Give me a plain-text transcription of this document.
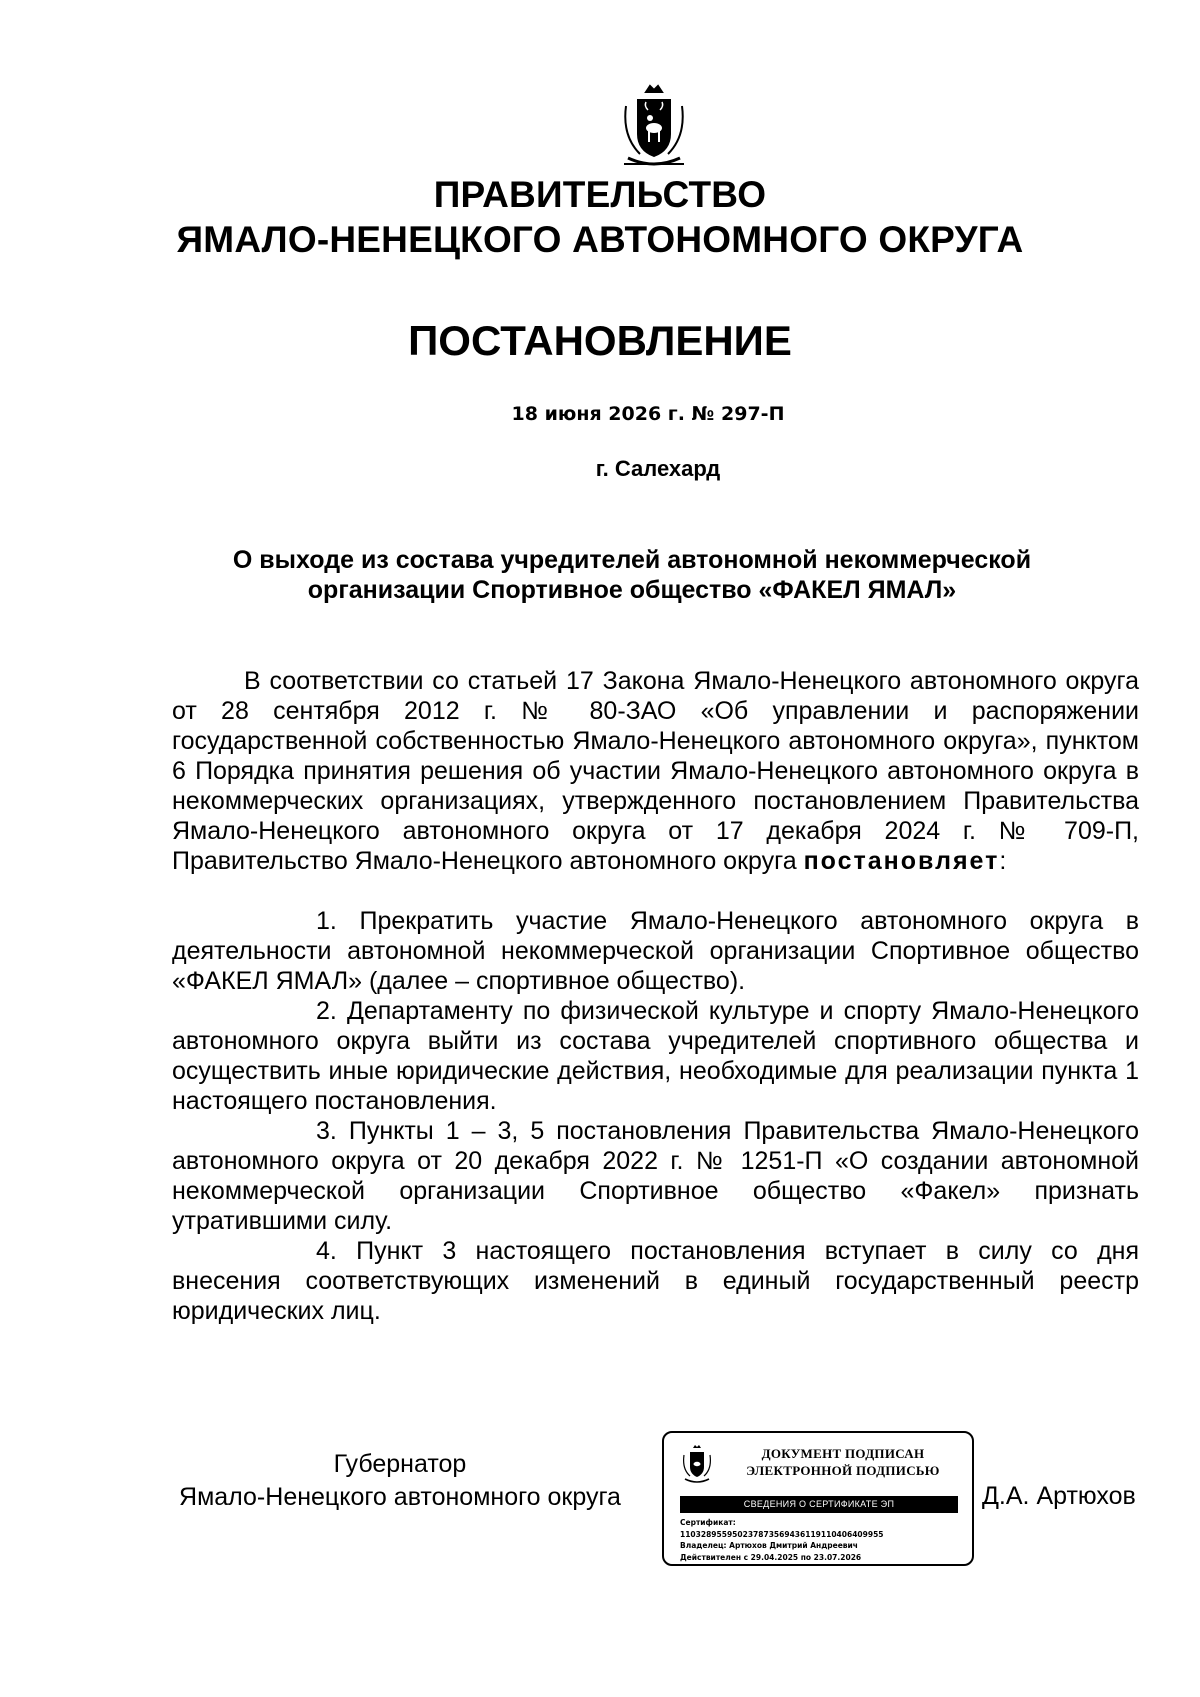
ПРАВИТЕЛЬСТВО
ЯМАЛО-НЕНЕЦКОГО АВТОНОМНОГО ОКРУГА
ПОСТАНОВЛЕНИЕ
18 июня 2026 г. № 297-П
г. Салехард
О выходе из состава учредителей автономной некоммерческой
организации Спортивное общество «ФАКЕЛ ЯМАЛ»

В соответствии со статьей 17 Закона Ямало-Ненецкого автономного округа от 28 сентября 2012 г. № 80-ЗАО «Об управлении и распоряжении государственной собственностью Ямало-Ненецкого автономного округа», пунктом 6 Порядка принятия решения об участии Ямало-Ненецкого автономного округа в некоммерческих организациях, утвержденного постановлением Правительства Ямало-Ненецкого автономного округа от 17 декабря 2024 г. № 709-П, Правительство Ямало-Ненецкого автономного округа постановляет:

1. Прекратить участие Ямало-Ненецкого автономного округа в деятельности автономной некоммерческой организации Спортивное общество «ФАКЕЛ ЯМАЛ» (далее – спортивное общество).

2. Департаменту по физической культуре и спорту Ямало-Ненецкого автономного округа выйти из состава учредителей спортивного общества и осуществить иные юридические действия, необходимые для реализации пункта 1 настоящего постановления.

3. Пункты 1 – 3, 5 постановления Правительства Ямало-Ненецкого автономного округа от 20 декабря 2022 г. № 1251-П «О создании автономной некоммерческой организации Спортивное общество «Факел» признать утратившими силу.

4. Пункт 3 настоящего постановления вступает в силу со дня внесения соответствующих изменений в единый государственный реестр юридических лиц.

Губернатор
Ямало-Ненецкого автономного округа
ДОКУМЕНТ ПОДПИСАН
ЭЛЕКТРОННОЙ ПОДПИСЬЮ
СВЕДЕНИЯ О СЕРТИФИКАТЕ ЭП
Сертификат:
110328955950237873569436119110406409955
Владелец: Артюхов Дмитрий Андреевич
Действителен с 29.04.2025 по 23.07.2026
Д.А. Артюхов
